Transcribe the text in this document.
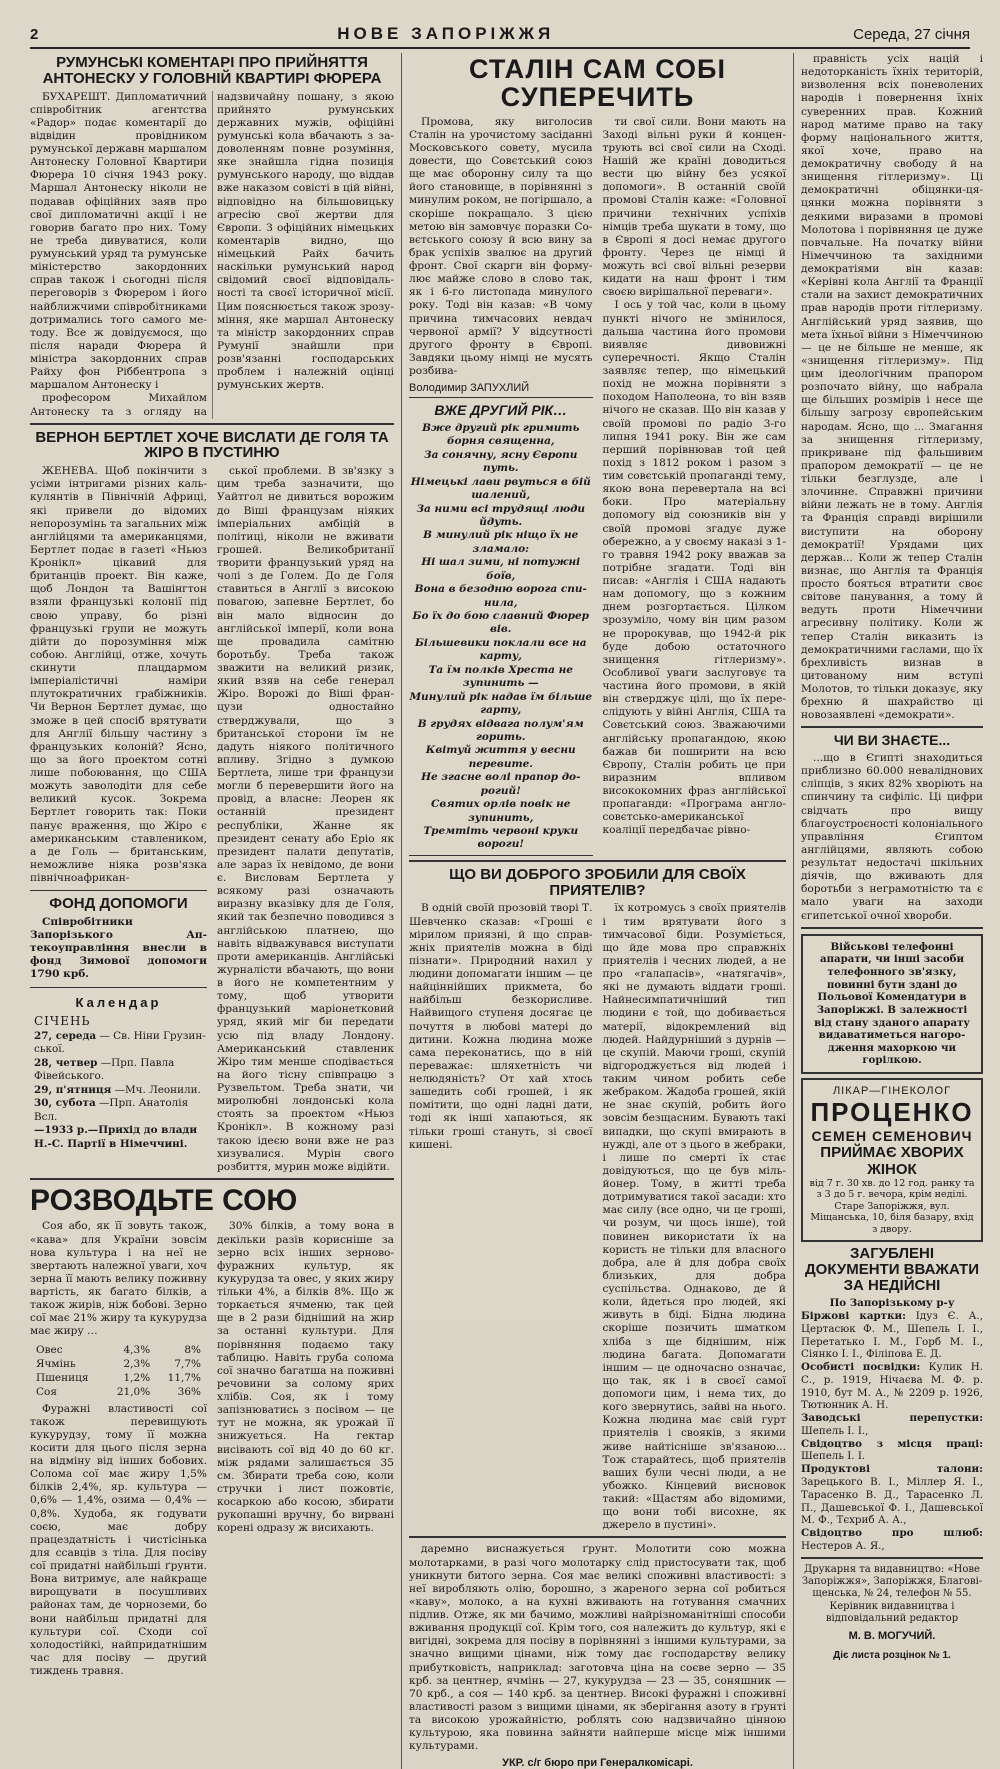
2	НОВЕ ЗАПОРІЖЖЯ	Середа, 27 січня
РУМУНСЬКІ КОМЕНТАРІ ПРО ПРИЙНЯТТЯ АНТОНЕСКУ У ГОЛОВНІЙ КВАРТИРІ ФЮРЕРА

БУХАРЕШТ. Дипломатичний співробітник агентства «Радор» подає коментарії до відвідин провідником румунської державн маршалом Антонеску Головної Квартири Фюрера 10 січня 1943 року. Маршал Антонеску ніколи не подавав офіційних заяв про свої дипломатичні акції і не говорив багато про них. Тому не треба дивуватися, коли румунський уряд та румунське міністерство закордонних справ також і сьогодні після переговорів з Фюрером і його найближчими співробітниками дотримались того самого методу. Все ж довідуємося, що після наради Фюрера й міністра закордонних справ Райху фон Ріббентропа з маршалом Антонеску і

професором Михайлом Антонеску та з огляду на надзвичайну пошану, з якою прийнято румунських державних мужів, офіційні румунські кола вбачають з задоволенням повне розуміння, яке знайшла гідна позиція румунського народу, що віддав вже наказом совісті в цій війні, відповідно на більшовицьку агресію свої жертви для Європи. З офіційних німецьких коментарів видно, що німецький Райх бачить наскільки румунський народ свідомий своєї відповідальності та своєї історичної місії. Цим пояснюється також зрозуміння, яке маршал Антонеску та міністр закордонних справ Румунії знайшли при розв'язанні господарських проблем і належній оцінці румунських жертв.

ВЕРНОН БЕРТЛЕТ ХОЧЕ ВИСЛАТИ ДЕ ГОЛЯ ТА ЖІРО В ПУСТИНЮ

ЖЕНЕВА. Щоб покінчити з усіми інтригами різних калькулянтів в Північній Африці, які привели до відомих непорозумінь та загальних між англійцями та американцями, Бертлет подає в газеті «Ньюз Кронікл» цікавий для британців проект. Він каже, щоб Лондон та Вашінгтон взяли французькі колонії під свою управу, бо різні французькі групи не можуть дійти до порозуміння між собою. Англійці, отже, хочуть скинути плацдармом імперіалістичні наміри плутократичних грабіжників. Чи Вернон Бертлет думає, що зможе в цей спосіб врятувати для Англії більшу частину з французьких колоній? Ясно, що за його проектом сотні лише побоювання, що США можуть заволодіти для себе великий кусок. Зокрема Бертлет говорить так: Поки панує враження, що Жіро є американським ставлеником, а де Голь — британським, неможливе ніяка розв'язка північноафрикан-

ФОНД ДОПОМОГИ

Співробітники Запорізького Аптекоуправління внесли в фонд Зимової допомоги 1790 крб.

Календар
СІЧЕНЬ
27, середа — Св. Ніни Грузинської.
28, четвер —Прп. Павла Фівейського.
29, п'ятниця —Мч. Леонили.
30, субота —Прп. Анатолія Всл.
—1933 р.—Прихід до влади Н.-С. Партії в Німеччині.

ської проблеми. В зв'язку з цим треба зазначити, що Уайтгол не дивиться ворожим до Віші французам ніяких імперіальних амбіцій в політиці, ніколи не вживати грошей. Великобританії творити французький уряд на чолі з де Голем. До де Голя ставиться в Англії з високою повагою, запевне Бертлет, бо він мало відносин до англійської імперії, коли вона ще провадила самітню боротьбу. Треба також зважити на великий ризик, який взяв на себе генерал Жіро. Ворожі до Віші французи одностайно стверджували, що з британської сторони їм не дадуть ніякого політичного впливу. Згідно з думкою Бертлета, лише три французи могли б перевершити його на провід, а власне: Леорен як останній президент республіки, Жанне як президент сенату або Еріо як президент палати депутатів, але зараз їх невідомо, де вони є. Висловам Бертлета у всякому разі означають виразну вказівку для де Голя, який так безпечно поводився з англійською платнею, що навіть відважувався виступати проти американців. Англійські журналісти вбачають, що вони в його не компетентним у тому, щоб утворити французький маріонетковий уряд, який міг би передати усю під владу Лондону. Американський ставленик Жіро тим менше сподівається на його тісну співпрацю з Рузвельтом. Треба знати, чи миролюбні лондонські кола стоять за проектом «Ньюз Кронікл». В кожному разі такою ідеєю вони вже не раз хизувалися. Мурін свого розбиття, мурин може відійти.

РОЗВОДЬТЕ СОЮ

Соя або, як її зовуть також, «кава» для України зовсім нова культура і на неї не звертають належної уваги, хоч зерна її мають велику поживну вартість, як багато білків, а також жирів, ніж бобові. Зерно сої має 21% жиру та кукурудза має жиру …

Овес	4,3%	8%
Ячмінь	2,3%	7,7%
Пшениця	1,2%	11,7%
Соя	21,0%	36%

Фуражні властивості сої також перевищують кукурудзу, тому її можна косити для цього після зерна на відміну від інших бобових. Солома сої має жиру 1,5% білків 2,4%, яр. культура — 0,6% — 1,4%, озима — 0,4% — 0,8%. Худоба, як годувати соєю, має добру працездатність і чистісінька для ссавців з тіла. Для посіву сої придатні найбільші ґрунти. Вона витримує, але найкраще вирощувати в посушливих районах там, де чорноземи, бо вони найбільш придатні для культури сої. Сходи сої холодостійкі, найпридатнішим час для посіву — другий тиждень травня.

30% білків, а тому вона в декільки разів корисніше за зерно всіх інших зерново-фуражних культур, як кукурудза та овес, у яких жиру тільки 4%, а білків 8%. Що ж торкається ячменю, так цей ще в 2 рази бідніший на жир за останні культури. Для порівняння подаємо таку таблицю. Навіть груба солома сої значно багатша на поживні речовини за солому ярих хлібів. Соя, як і тому запізнюватись з посівом — це тут не можна, як урожай її знижується. На гектар висівають сої від 40 до 60 кг. між рядами залишається 35 см. Збирати треба сою, коли стручки і лист пожовтіє, косаркою або косою, збирати рукопашні вручну, бо вирвані корені одразу ж висихають.

СТАЛІН САМ СОБІ СУПЕРЕЧИТЬ

Промова, яку виголосив Сталін на урочистому засіданні Московського совету, мусила довести, що Совєтський союз ще має оборонну силу та що його становище, в порівнянні з минулим роком, не погіршало, а скоріше покращало. З цією метою він замовчує поразки Совєтського союзу й всю вину за брак успіхів звалює на другий фронт. Свої скарги він формулює майже слово в слово так, як і 6-го листопада минулого року. Тоді він казав: «В чому причина тимчасових невдач червоної армії? У відсутності другого фронту в Європі. Завдяки цьому німці не мусять розбива-

Володимир ЗАПУХЛИЙ
ВЖЕ ДРУГИЙ РІК…
Вже другий рік гримить борня священна,
За сонячну, ясну Європи путь.
Німецькі лави рвуться в бій шалений,
За ними всі трудящі люди йдуть.
В минулий рік ніщо їх не зламало:
Ні шал зими, ні потужні боїв,
Вона в безодню ворога спинила,
Бо їх до бою славний Фюрер вів.
Більшевики поклали все на карту,
Та їм полків Хреста не зупинить —
Минулий рік надав їм більше гарту,
В грудях відвага полум'ям горить.
Квітуй життя у весни перевите.
Не згасне волі прапор дорогий!
Святих орлів повік не зупинить,
Тремтіть червоні круки вороги!

ти свої сили. Вони мають на Заході вільні руки й концентрують всі свої сили на Сході. Нашій же країні доводиться вести цю війну без усякої допомоги». В останній своїй промові Сталін каже: «Головної причини технічних успіхів німців треба шукати в тому, що в Європі я досі немає другого фронту. Через це німці й можуть всі свої вільні резерви кидати на наш фронт і тим своєю вирішальної переваги».

І ось у той час, коли в цьому пункті нічого не змінилося, дальша частина його промови виявляє дивовижні суперечності. Якщо Сталін заявляє тепер, що німецький похід не можна порівняти з походом Наполеона, то він взяв нічого не сказав. Що він казав у своїй промові по радіо 3-го липня 1941 року. Він же сам перший порівнював той цей похід з 1812 роком і разом з тим совєтській пропаганді тему, якою вона перевертала на всі боки. Про матеріальну допомогу від союзників він у своїй промові згадує дуже обережно, а у своєму наказі з 1-го травня 1942 року вважав за потрібне згадати. Тоді він писав: «Англія і США надають нам допомогу, що з кожним днем розгортається. Цілком зрозуміло, чому він цим разом не пророкував, що 1942-й рік буде добою остаточного знищення гітлеризму». Особливої уваги заслуговує та частина його промови, в якій він стверджує цілі, що їх переслідують у війні Англія, США та Совєтський союз. Зважаючими англійську пропагандою, якою бажав би поширити на всю Європу, Сталін робить це при виразним впливом висококомних фраз англійської пропаганди: «Програма англо-совєтсько-американської коаліції передбачає рівно-

ЩО ВИ ДОБРОГО ЗРОБИЛИ ДЛЯ СВОЇХ ПРИЯТЕЛІВ?

В одній своїй прозовій творі Т. Шевченко сказав: «Гроші є мірилом приязні, й що справжніх приятелів можна в біді пізнати». Природний нахил у людини допомагати іншим — це найціннійших прикмета, бо найбільш безкорисливе. Найвищого ступеня досягає це почуття в любові матері до дитини. Кожна людина може сама переконатись, що в ній переважає: шляхетність чи нелюдяність? От хай хтось зашедить собі грошей, і як помітити, що одні ладні дати, тоді як інші хапаються, як тільки гроші стануть, зі своєї кишені.

їх котромусь з своїх приятелів і тим врятувати його з тимчасової біди. Розуміється, що йде мова про справжніх приятелів і чесних людей, а не про «галапасів», «натягачів», які не думають віддати гроші. Найнесимпатичніший тип людини є той, що добивається матерії, відокремлений від людей. Найдурніший з дурнів — це скупій. Маючи гроші, скупій відгороджується від людей і таким чином робить себе жебраком. Жадоба грошей, якій не знає скупій, робить його зовсім безщасним. Бувають такі випадки, що скупі вмирають в нужді, але от з цього в жебраки, і лише по смерті їх стає довідуються, що це був мільйонер. Тому, в житті треба дотримуватися такої засади: хто має силу (все одно, чи це гроші, чи розум, чи щось інше), той повинен використати їх на користь не тільки для власного добра, але й для добра своїх близьких, для добра суспільства. Однаково, де й коли, йдеться про людей, які живуть в біді. Бідна людина скоріше позичить шматком хліба з ще біднішим, ніж людина багата. Допомагати іншим — це одночасно означає, що так, як і в своєї самої допомоги цим, і нема тих, до кого звернутись, зайві на нього. Кожна людина має свій гурт приятелів і свояків, з якими живе найтісніше зв'язаною... Тож старайтесь, щоб приятелів ваших були чесні люди, а не убожко. Кінцевий висновок такий: «Щастям або відомими, що вони тобі висохне, як джерело в пустині».

даремно виснажується ґрунт. Молотити сою можна молотарками, в разі чого молотарку слід пристосувати так, щоб уникнути битого зерна. Соя має великі споживні властивості: з неї виробляють олію, борошно, з жареного зерна сої робиться «каву», молоко, а на кухні вживають на готування смачних підлив. Отже, як ми бачимо, можливі найрізноманітніші способи вживання продукції сої. Крім того, соя належить до культур, які є вигідні, зокрема для посіву в порівнянні з іншими культурами, за значно вищими цінами, ніж тому дає господарству велику прибутковість, наприклад: заготовча ціна на соєве зерно — 35 крб. за центнер, ячмінь — 27, кукурудза — 23 — 35, соняшник — 70 крб., а соя — 140 крб. за центнер. Високі фуражні і споживні властивості разом з вищими цінами, як зберігання азоту в ґрунті та високою урожайністю, роблять сою надзвичайно цінною культурою, яка повинна зайняти найперше місце між іншими культурами.

УКР. с/г бюро при Генералкомісарі.

правність усіх націй і недоторканість їхніх територій, визволення всіх поневолених народів і повернення їхніх суверенних прав. Кожний народ матиме право на таку форму національного життя, якої хоче, право на демократичну свободу й на знищення гітлеризму». Ці демократичні обіцянки-цяцянки можна порівняти з деякими виразами в промові Молотова і порівняння це дуже повчальне. На початку війни Німеччиною та західними демократіями він казав: «Керівні кола Англії та Франції стали на захист демократичних прав народів проти гітлеризму. Англійський уряд заявив, що мета їхньої війни з Німеччиною — це не більше не менше, як «знищення гітлеризму». Під цим ідеологічним прапором розпочато війну, що набрала ще більших розмірів і несе ще більшу загрозу європейським народам. Ясно, що ... Змагання за знищення гітлеризму, прикриване під фальшивим прапором демократії — це не тільки безглузде, але і злочинне. Справжні причини війни лежать не в тому. Англія та Франція справді вирішили виступити на оборону демократії! Урядами цих держав... Коли ж тепер Сталін визнає, що Англія та Франція просто бояться втратити своє світове панування, а тому й ведуть проти Німеччини агресивну політику. Коли ж тепер Сталін виказить із демократичними гаслами, що їх брехливість визнав в цитованому ним вступі Молотов, то тільки доказує, яку брехню й шахрайство ці новозаявлені «демократи».

ЧИ ВИ ЗНАЄТЕ...

...що в Єгипті знаходиться приблизно 60.000 неваліднових сліпців, з яких 82% хворіють на спинчину та сифіліс. Ці цифри свідчать про вищу благоустроєності колоніального управління Єгиптом англійцями, являють собою результат недостачі шкільних діячів, що вживають для боротьби з неграмотністю та є мало уваги на заходи єгипетської очної хвороби.

Військові телефонні апарати, чи інші засоби телефонного зв'язку, повинні бути здані до Польової Комендатури в Запоріжжі. В залежності від стану зданого апарату видаватиметься нагородження махоркою чи горілкою.

ЛІКАР—ГІНЕКОЛОГ
ПРОЦЕНКО
СЕМЕН СЕМЕНОВИЧ
ПРИЙМАЄ ХВОРИХ ЖІНОК
від 7 г. 30 хв. до 12 год. ранку та з 3 до 5 г. вечора, крім неділі. Старе Запоріжжя, вул. Міщанська, 10, біля базару, вхід з двору.
ЗАГУБЛЕНІ ДОКУМЕНТИ ВВАЖАТИ ЗА НЕДІЙСНІ

По Запорізькому р-у

Біржові картки: Ідуз Є. А., Цертасюк Ф. М., Шепель І. І., Перетатько І. М., Горб М. І., Сіянко І. І., Філіпова Е. Д.

Особисті посвідки: Кулик Н. С., р. 1919, Нічаєва М. Ф. р. 1910, бут М. А., № 2209 р. 1926, Тютюнник А. Н.

Заводські перепустки: Шепель І. І.,

Свідоцтво з місця праці: Шепель І. І.

Продуктові талони: Зарецького В. І., Міллер Я. І., Тарасенко В. Д., Тарасенко Л. П., Дашевської Ф. І., Дашевської М. Ф., Тєхриб А. А.,

Свідоцтво про шлюб: Нестеров А. Я.,

Друкарня та видавництво: «Нове Запоріжжя», Запоріжжя, Благовіщенська, № 24, телефон № 55.

Керівник видавництва і відповідальний редактор

М. В. МОГУЧИЙ.
Діє листа розцінок № 1.
